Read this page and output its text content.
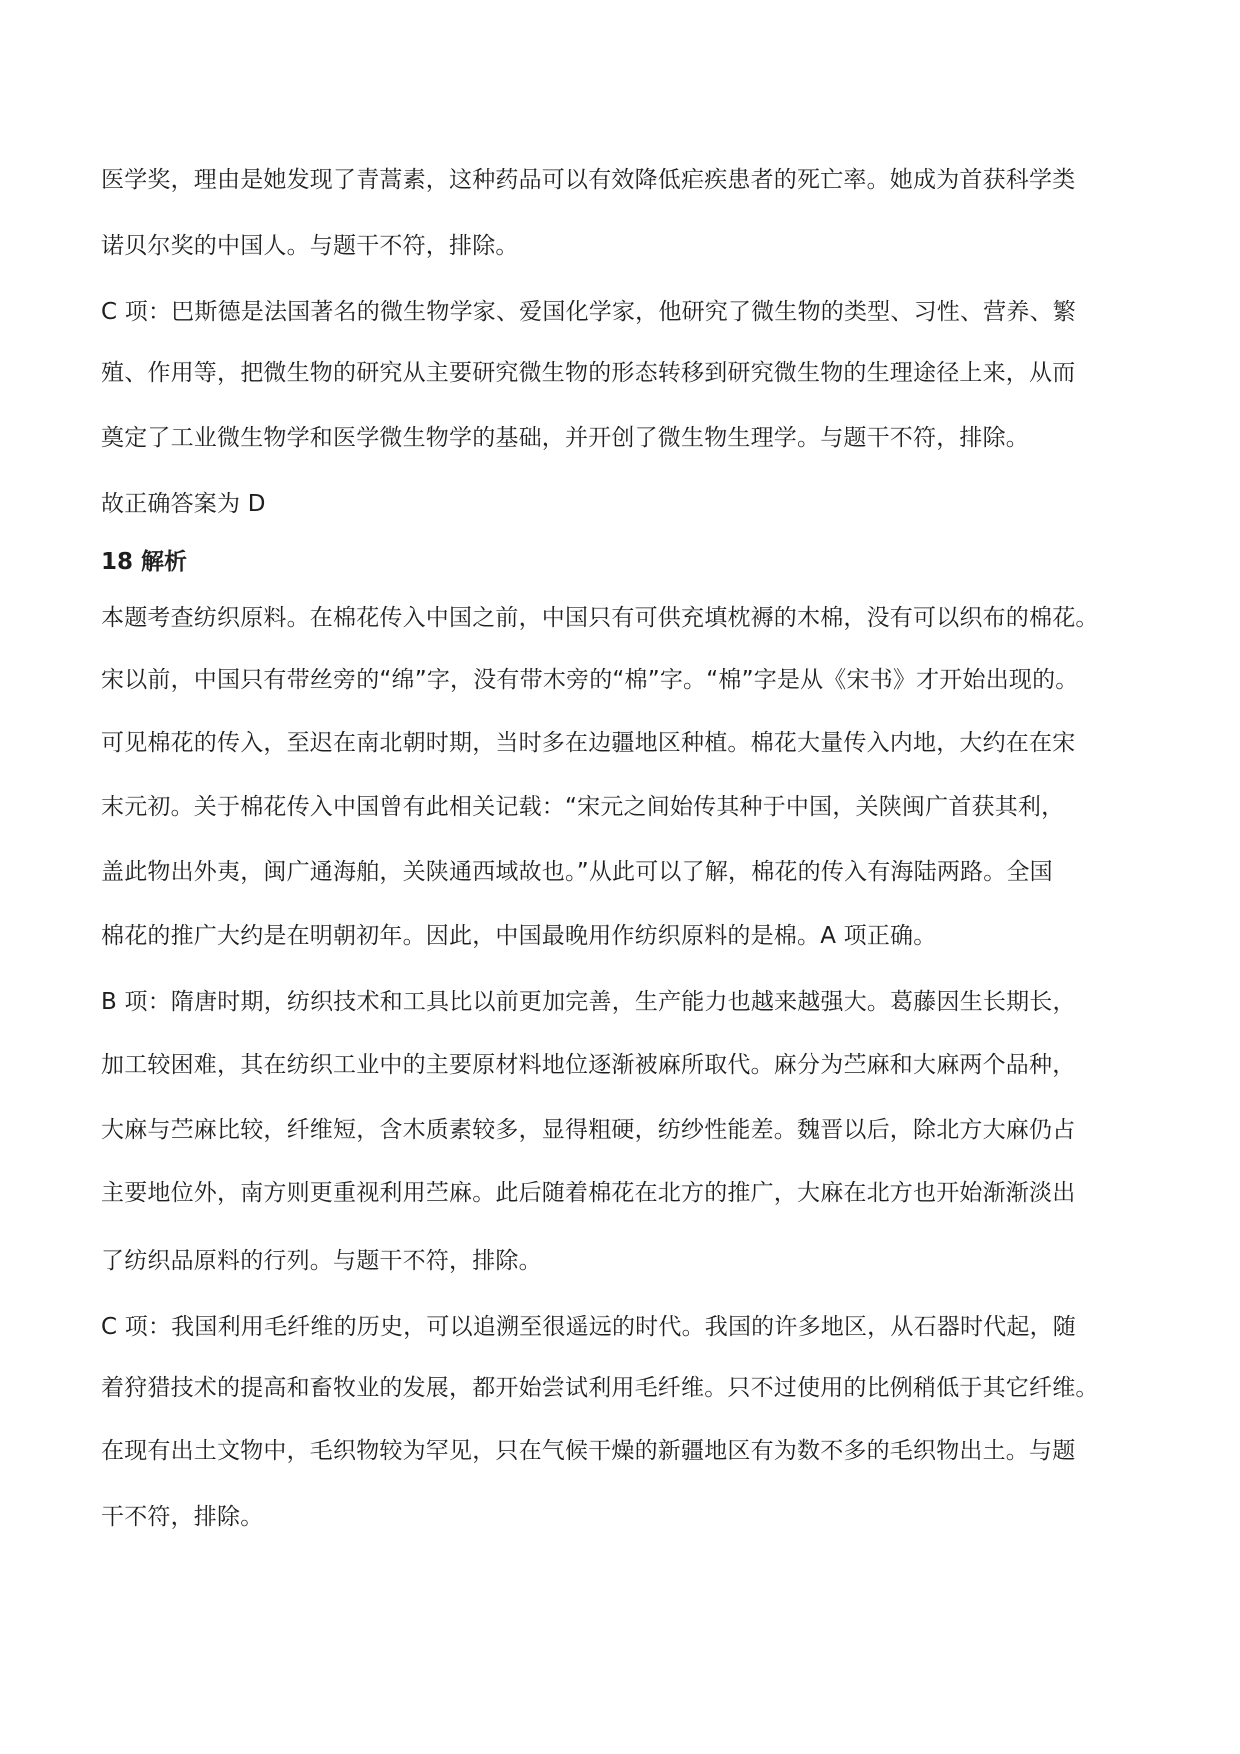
医学奖，理由是她发现了青蒿素，这种药品可以有效降低疟疾患者的死亡率。她成为首获科学类
诺贝尔奖的中国人。与题干不符，排除。
C 项：巴斯德是法国著名的微生物学家、爱国化学家，他研究了微生物的类型、习性、营养、繁
殖、作用等，把微生物的研究从主要研究微生物的形态转移到研究微生物的生理途径上来，从而
奠定了工业微生物学和医学微生物学的基础，并开创了微生物生理学。与题干不符，排除。
故正确答案为 D
18 解析
本题考查纺织原料。在棉花传入中国之前，中国只有可供充填枕褥的木棉，没有可以织布的棉花。
宋以前，中国只有带丝旁的“绵”字，没有带木旁的“棉”字。“棉”字是从《宋书》才开始出现的。
可见棉花的传入，至迟在南北朝时期，当时多在边疆地区种植。棉花大量传入内地，大约在在宋
末元初。关于棉花传入中国曾有此相关记载：“宋元之间始传其种于中国，关陕闽广首获其利，
盖此物出外夷，闽广通海舶，关陕通西域故也。”从此可以了解，棉花的传入有海陆两路。全国
棉花的推广大约是在明朝初年。因此，中国最晚用作纺织原料的是棉。A 项正确。
B 项：隋唐时期，纺织技术和工具比以前更加完善，生产能力也越来越强大。葛藤因生长期长，
加工较困难，其在纺织工业中的主要原材料地位逐渐被麻所取代。麻分为苎麻和大麻两个品种，
大麻与苎麻比较，纤维短，含木质素较多，显得粗硬，纺纱性能差。魏晋以后，除北方大麻仍占
主要地位外，南方则更重视利用苎麻。此后随着棉花在北方的推广，大麻在北方也开始渐渐淡出
了纺织品原料的行列。与题干不符，排除。
C 项：我国利用毛纤维的历史，可以追溯至很遥远的时代。我国的许多地区，从石器时代起，随
着狩猎技术的提高和畜牧业的发展，都开始尝试利用毛纤维。只不过使用的比例稍低于其它纤维。
在现有出土文物中，毛织物较为罕见，只在气候干燥的新疆地区有为数不多的毛织物出土。与题
干不符，排除。
